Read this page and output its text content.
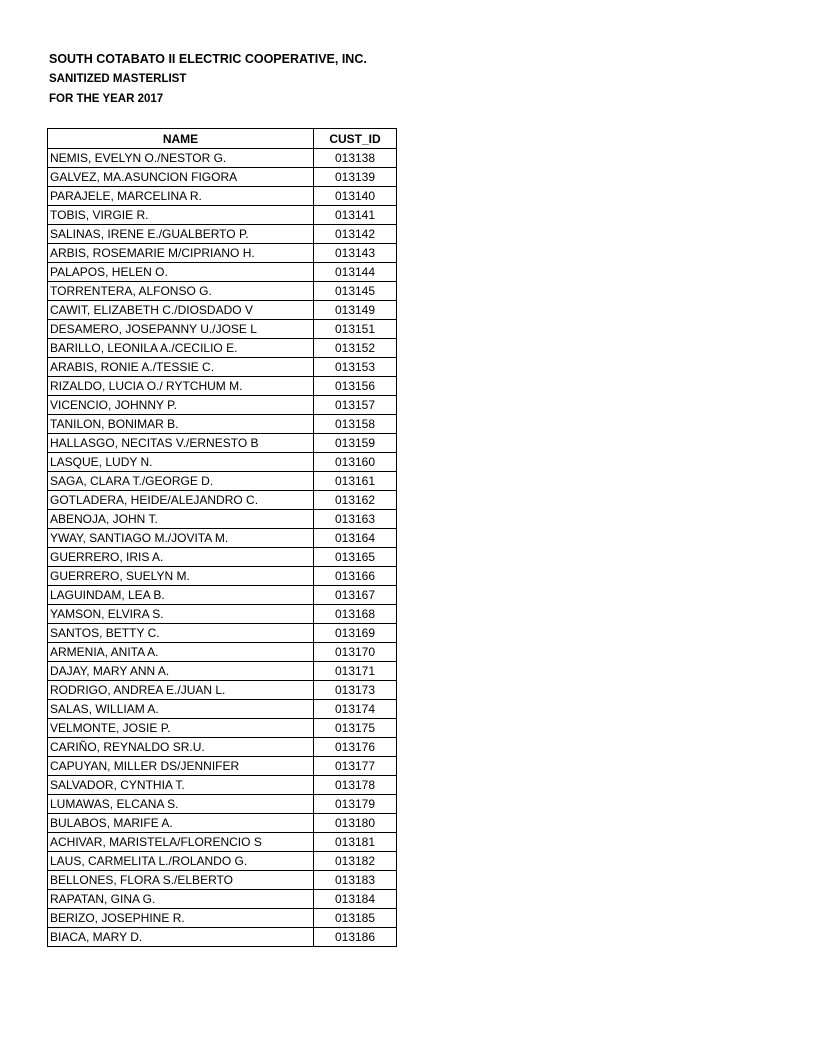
SOUTH COTABATO II ELECTRIC COOPERATIVE, INC.
SANITIZED MASTERLIST
FOR THE YEAR 2017
NAME	CUST_ID
NEMIS, EVELYN O./NESTOR G.	013138
GALVEZ, MA.ASUNCION FIGORA	013139
PARAJELE, MARCELINA R.	013140
TOBIS, VIRGIE R.	013141
SALINAS, IRENE E./GUALBERTO P.	013142
ARBIS, ROSEMARIE M/CIPRIANO H.	013143
PALAPOS, HELEN O.	013144
TORRENTERA, ALFONSO G.	013145
CAWIT, ELIZABETH C./DIOSDADO V	013149
DESAMERO, JOSEPANNY U./JOSE L	013151
BARILLO, LEONILA A./CECILIO E.	013152
ARABIS, RONIE A./TESSIE C.	013153
RIZALDO, LUCIA O./ RYTCHUM M.	013156
VICENCIO, JOHNNY P.	013157
TANILON, BONIMAR B.	013158
HALLASGO, NECITAS V./ERNESTO B	013159
LASQUE, LUDY N.	013160
SAGA, CLARA T./GEORGE D.	013161
GOTLADERA, HEIDE/ALEJANDRO C.	013162
ABENOJA, JOHN T.	013163
YWAY, SANTIAGO M./JOVITA M.	013164
GUERRERO, IRIS A.	013165
GUERRERO, SUELYN M.	013166
LAGUINDAM, LEA B.	013167
YAMSON, ELVIRA S.	013168
SANTOS, BETTY C.	013169
ARMENIA, ANITA A.	013170
DAJAY, MARY ANN A.	013171
RODRIGO, ANDREA E./JUAN L.	013173
SALAS, WILLIAM A.	013174
VELMONTE, JOSIE P.	013175
CARIÑO, REYNALDO SR.U.	013176
CAPUYAN, MILLER DS/JENNIFER	013177
SALVADOR, CYNTHIA T.	013178
LUMAWAS, ELCANA S.	013179
BULABOS, MARIFE A.	013180
ACHIVAR, MARISTELA/FLORENCIO S	013181
LAUS, CARMELITA L./ROLANDO G.	013182
BELLONES, FLORA S./ELBERTO	013183
RAPATAN, GINA G.	013184
BERIZO, JOSEPHINE R.	013185
BIACA, MARY D.	013186
